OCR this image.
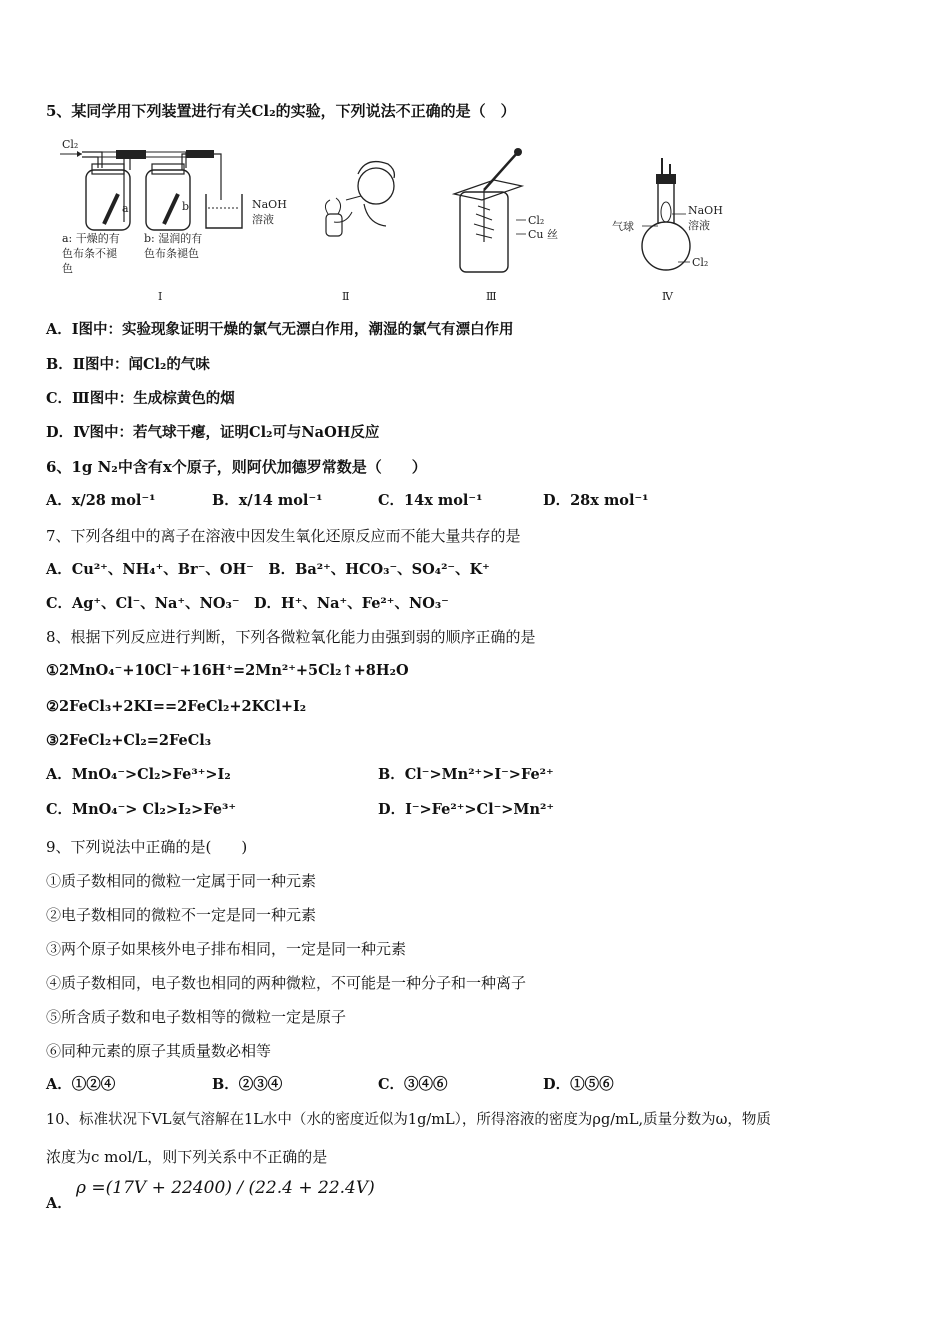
5、某同学用下列装置进行有关Cl₂的实验，下列说法不正确的是（　）
Cl₂
a	b	NaOH
溶液
a: 干燥的有
色布条不褪
色
b: 湿润的有
色布条褪色
Cl₂
Cu 丝
气球
NaOH
溶液
Cl₂
Ⅰ	Ⅱ	Ⅲ	Ⅳ
A．Ⅰ图中：实验现象证明干燥的氯气无漂白作用，潮湿的氯气有漂白作用
B．Ⅱ图中：闻Cl₂的气味
C．Ⅲ图中：生成棕黄色的烟
D．Ⅳ图中：若气球干瘪，证明Cl₂可与NaOH反应
6、1g N₂中含有x个原子，则阿伏加德罗常数是（　　）
A．x/28 mol⁻¹	B．x/14 mol⁻¹	C．14x mol⁻¹	D．28x mol⁻¹
7、下列各组中的离子在溶液中因发生氧化还原反应而不能大量共存的是
A．Cu²⁺、NH₄⁺、Br⁻、OH⁻　B．Ba²⁺、HCO₃⁻、SO₄²⁻、K⁺
C．Ag⁺、Cl⁻、Na⁺、NO₃⁻　D．H⁺、Na⁺、Fe²⁺、NO₃⁻
8、根据下列反应进行判断，下列各微粒氧化能力由强到弱的顺序正确的是
①2MnO₄⁻+10Cl⁻+16H⁺=2Mn²⁺+5Cl₂↑+8H₂O
②2FeCl₃+2KI==2FeCl₂+2KCl+I₂
③2FeCl₂+Cl₂=2FeCl₃
A．MnO₄⁻>Cl₂>Fe³⁺>I₂	B．Cl⁻>Mn²⁺>I⁻>Fe²⁺
C．MnO₄⁻> Cl₂>I₂>Fe³⁺	D．I⁻>Fe²⁺>Cl⁻>Mn²⁺
9、下列说法中正确的是(　　)
①质子数相同的微粒一定属于同一种元素
②电子数相同的微粒不一定是同一种元素
③两个原子如果核外电子排布相同，一定是同一种元素
④质子数相同，电子数也相同的两种微粒，不可能是一种分子和一种离子
⑤所含质子数和电子数相等的微粒一定是原子
⑥同种元素的原子其质量数必相等
A．①②④	B．②③④	C．③④⑥	D．①⑤⑥
10、标准状况下VL氨气溶解在1L水中（水的密度近似为1g/mL），所得溶液的密度为ρg/mL,质量分数为ω，物质
浓度为c mol/L，则下列关系中不正确的是
A．
ρ =(17V + 22400) / (22.4 + 22.4V)
